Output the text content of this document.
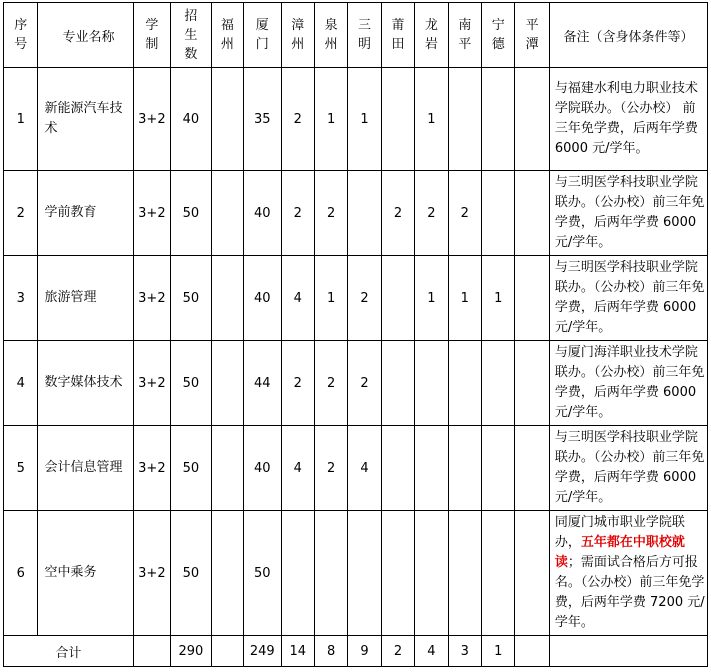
序号	专业名称	学制	招生数	福州	厦门	漳州	泉州	三明	莆田	龙岩	南平	宁德	平潭	备注（含身体条件等）
1	新能源汽车技术	3+2	40		35	2	1	1		1				与福建水利电力职业技术学院联办。（公办校） 前三年免学费，后两年学费 6000 元/学年。
2	学前教育	3+2	50		40	2	2		2	2	2			与三明医学科技职业学院联办。（公办校）前三年免学费，后两年学费 6000 元/学年。
3	旅游管理	3+2	50		40	4	1	2		1	1	1		与三明医学科技职业学院联办。（公办校）前三年免学费，后两年学费 6000 元/学年。
4	数字媒体技术	3+2	50		44	2	2	2						与厦门海洋职业技术学院联办。（公办校）前三年免学费，后两年学费 6000 元/学年。
5	会计信息管理	3+2	50		40	4	2	4						与三明医学科技职业学院联办。（公办校）前三年免学费，后两年学费 6000 元/学年。
6	空中乘务	3+2	50		50									同厦门城市职业学院联办，五年都在中职校就读；需面试合格后方可报名。（公办校）前三年免学费，后两年学费 7200 元/学年。
合计			290		249	14	8	9	2	4	3	1		
